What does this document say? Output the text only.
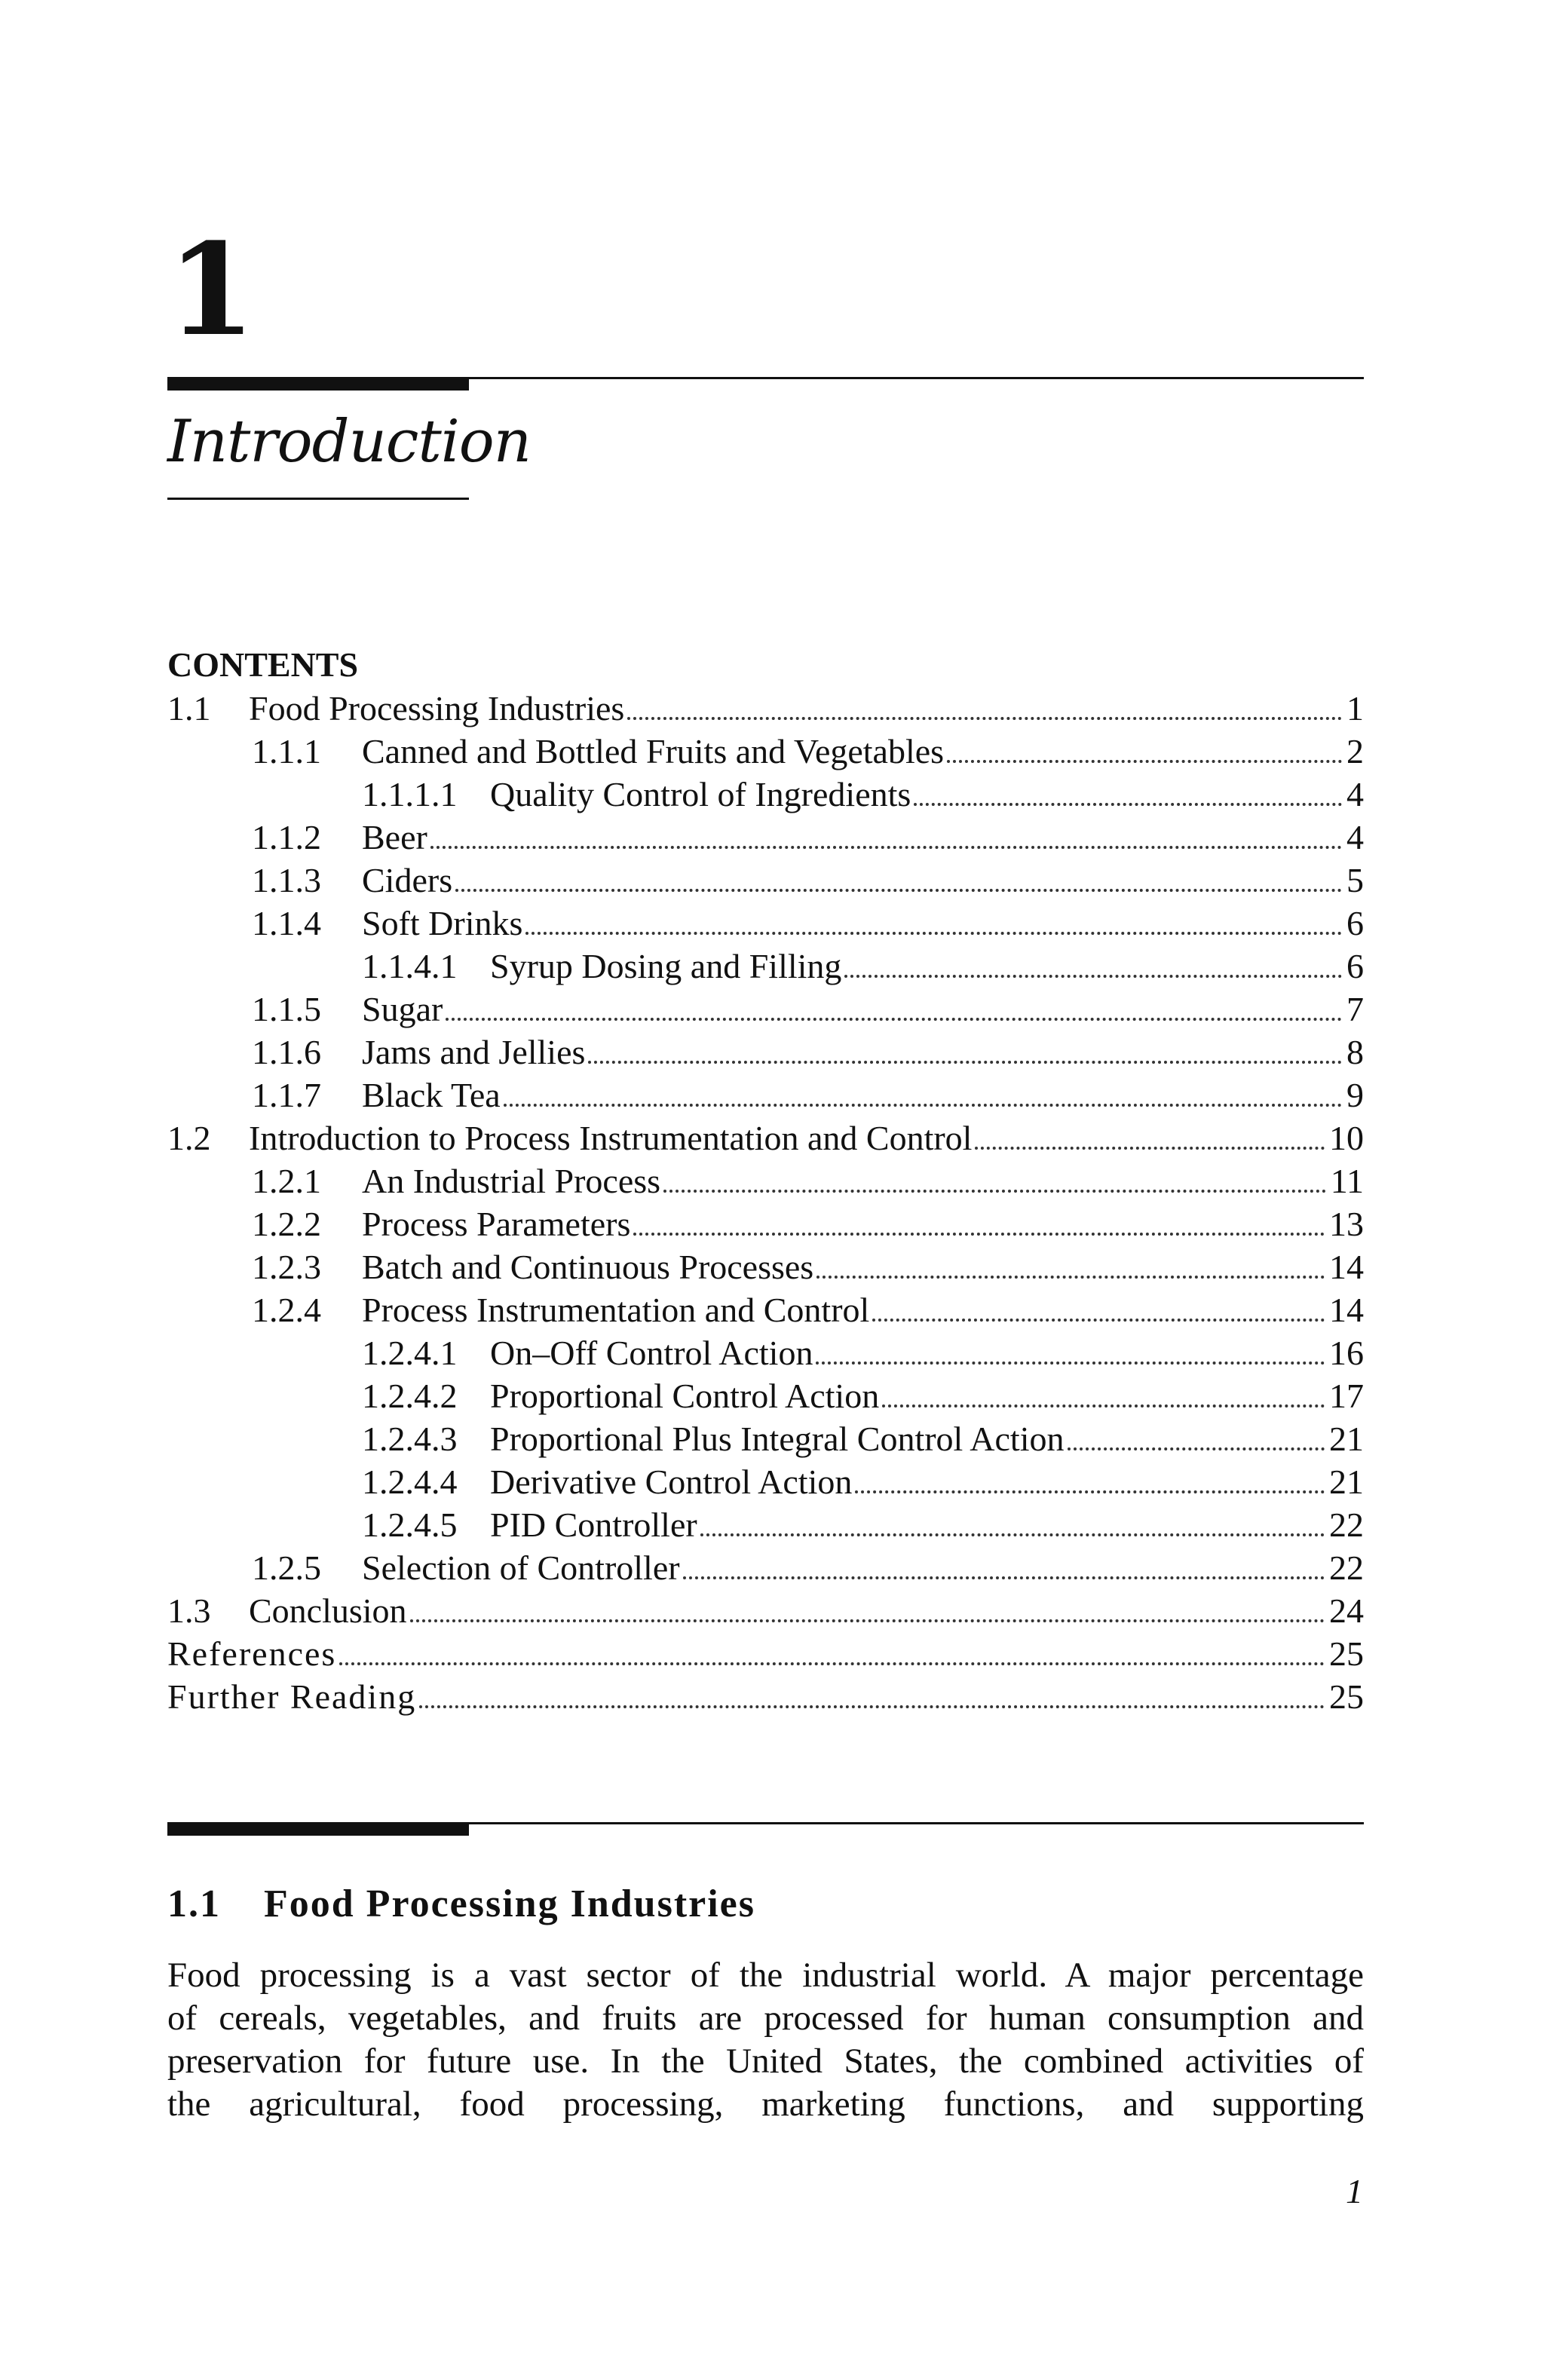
1
Introduction
CONTENTS
1.1	Food Processing Industries	1
1.1.1	Canned and Bottled Fruits and Vegetables	2
1.1.1.1 Quality Control of Ingredients	4
1.1.2	Beer	4
1.1.3	Ciders	5
1.1.4	Soft Drinks	6
1.1.4.1 Syrup Dosing and Filling	6
1.1.5	Sugar	7
1.1.6	Jams and Jellies	8
1.1.7	Black Tea	9
1.2	Introduction to Process Instrumentation and Control	10
1.2.1	An Industrial Process	11
1.2.2	Process Parameters	13
1.2.3	Batch and Continuous Processes	14
1.2.4	Process Instrumentation and Control	14
1.2.4.1 On–Off Control Action	16
1.2.4.2 Proportional Control Action	17
1.2.4.3 Proportional Plus Integral Control Action	21
1.2.4.4 Derivative Control Action	21
1.2.4.5 PID Controller	22
1.2.5	Selection of Controller	22
1.3	Conclusion	24
References	25
Further Reading	25
1.1 Food Processing Industries
Food processing is a vast sector of the industrial world. A major percentage
of cereals, vegetables, and fruits are processed for human consumption and
preservation for future use. In the United States, the combined activities of
the agricultural, food processing, marketing functions, and supporting
1
